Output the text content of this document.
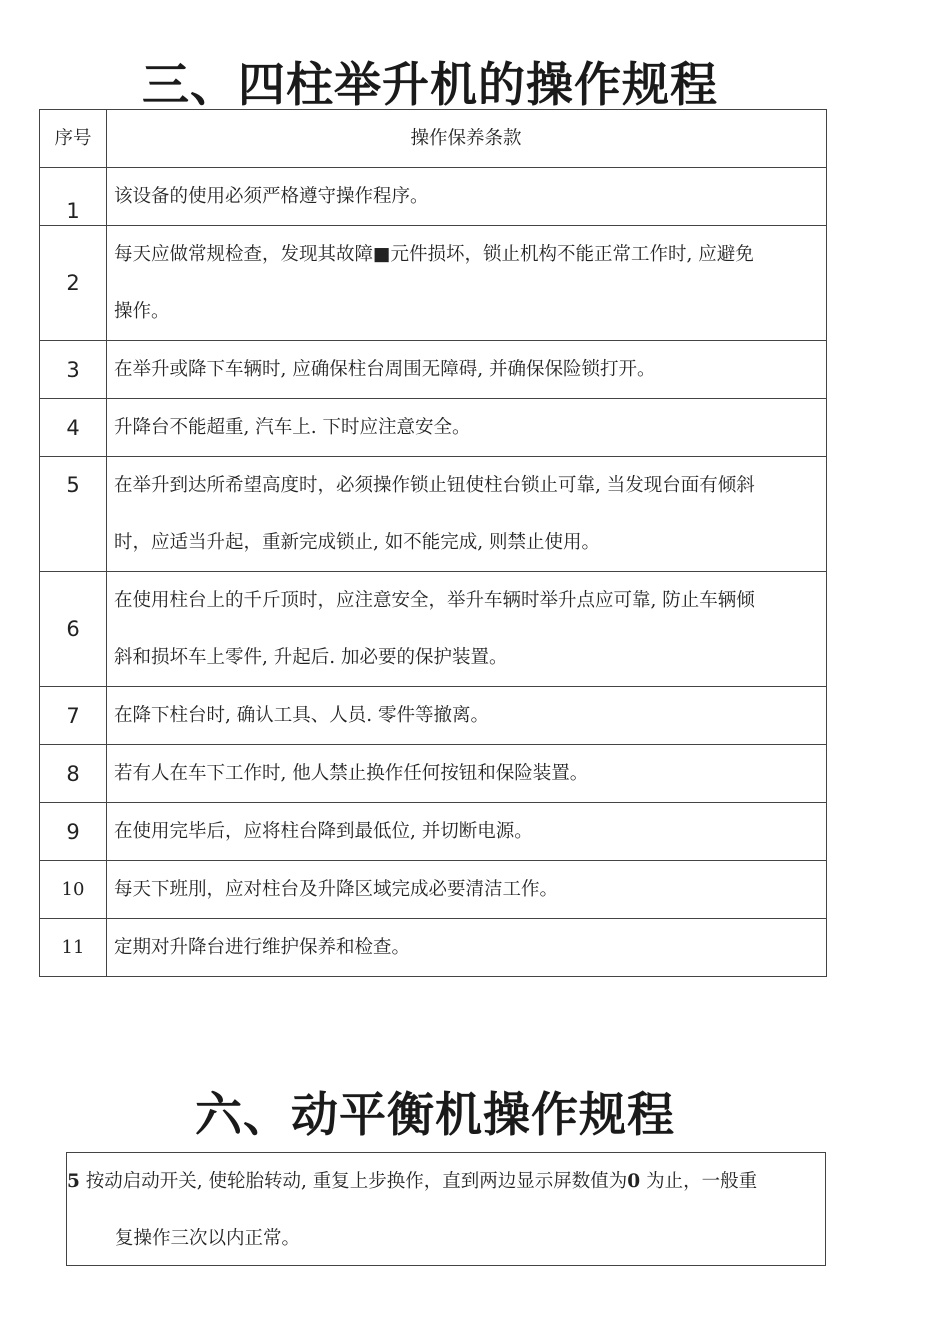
三、四柱举升机的操作规程
序号	操作保养条款
1	该设备的使用必须严格遵守操作程序。
2	每天应做常规检查，发现其故障■元件损坏，锁止机构不能正常工作时, 应避免
操作。

3	在举升或降下车辆时, 应确保柱台周围无障碍, 并确保保险锁打开。
4	升降台不能超重, 汽车上. 下时应注意安全。
5	在举升到达所希望高度时，必须操作锁止钮使柱台锁止可靠, 当发现台面有倾斜
时，应适当升起，重新完成锁止, 如不能完成, 则禁止使用。

6	在使用柱台上的千斤顶时，应注意安全，举升车辆时举升点应可靠, 防止车辆倾
斜和损坏车上零件, 升起后. 加必要的保护装置。

7	在降下柱台时, 确认工具、人员. 零件等撤离。
8	若有人在车下工作时, 他人禁止换作任何按钮和保险装置。
9	在使用完毕后，应将柱台降到最低位, 并切断电源。
10	每天下班刖，应对柱台及升降区域完成必要清洁工作。
11	定期对升降台进行维护保养和检查。
六、动平衡机操作规程
5 按动启动开关, 使轮胎转动, 重复上步换作，直到两边显示屏数值为0 为止，一般重
复操作三次以内正常。
